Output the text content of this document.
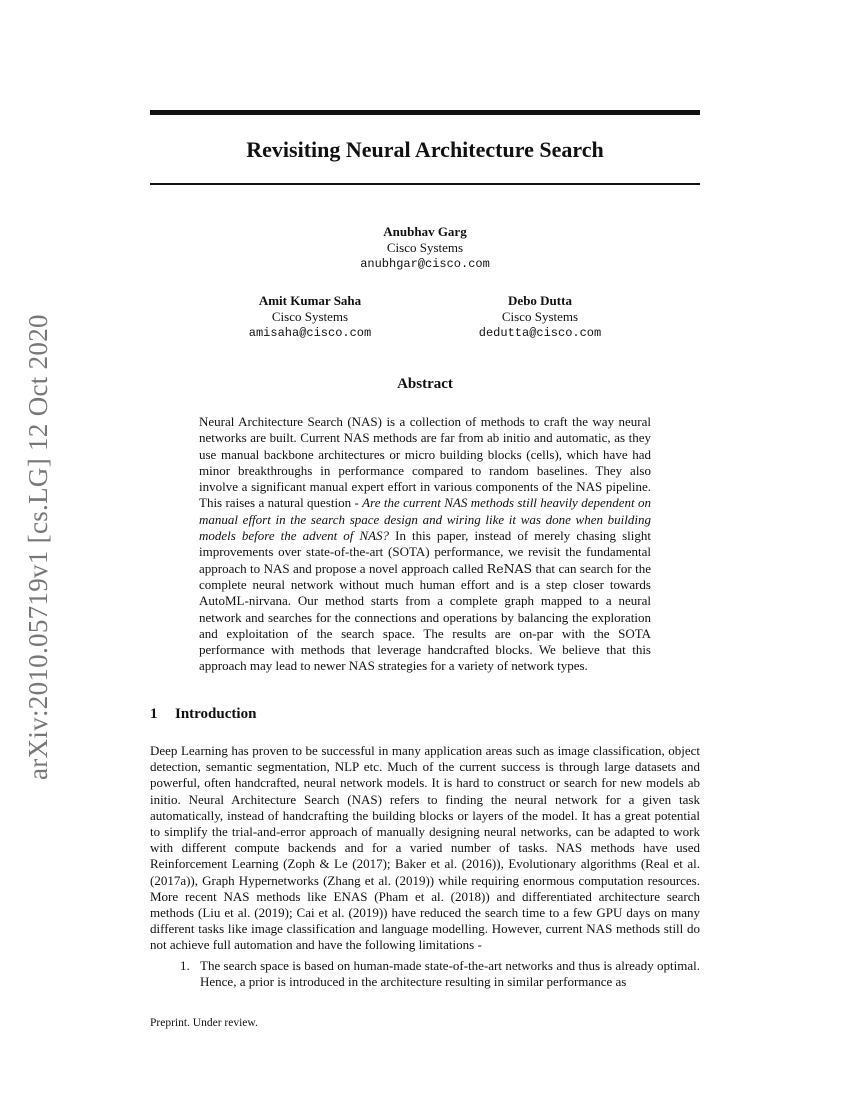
arXiv:2010.05719v1 [cs.LG] 12 Oct 2020
Revisiting Neural Architecture Search
Anubhav Garg
Cisco Systems
anubhgar@cisco.com
Amit Kumar Saha
Cisco Systems
amisaha@cisco.com
Debo Dutta
Cisco Systems
dedutta@cisco.com
Abstract
Neural Architecture Search (NAS) is a collection of methods to craft the way neural networks are built. Current NAS methods are far from ab initio and automatic, as they use manual backbone architectures or micro building blocks (cells), which have had minor breakthroughs in performance compared to random baselines. They also involve a significant manual expert effort in various components of the NAS pipeline. This raises a natural question - Are the current NAS methods still heavily dependent on manual effort in the search space design and wiring like it was done when building models before the advent of NAS? In this paper, instead of merely chasing slight improvements over state-of-the-art (SOTA) performance, we revisit the fundamental approach to NAS and propose a novel approach called ReNAS that can search for the complete neural network without much human effort and is a step closer towards AutoML-nirvana. Our method starts from a complete graph mapped to a neural network and searches for the connections and operations by balancing the exploration and exploitation of the search space. The results are on-par with the SOTA performance with methods that leverage handcrafted blocks. We believe that this approach may lead to newer NAS strategies for a variety of network types.
1 Introduction
Deep Learning has proven to be successful in many application areas such as image classification, object detection, semantic segmentation, NLP etc. Much of the current success is through large datasets and powerful, often handcrafted, neural network models. It is hard to construct or search for new models ab initio. Neural Architecture Search (NAS) refers to finding the neural network for a given task automatically, instead of handcrafting the building blocks or layers of the model. It has a great potential to simplify the trial-and-error approach of manually designing neural networks, can be adapted to work with different compute backends and for a varied number of tasks. NAS methods have used Reinforcement Learning (Zoph & Le (2017); Baker et al. (2016)), Evolutionary algorithms (Real et al. (2017a)), Graph Hypernetworks (Zhang et al. (2019)) while requiring enormous computation resources. More recent NAS methods like ENAS (Pham et al. (2018)) and differentiated architecture search methods (Liu et al. (2019); Cai et al. (2019)) have reduced the search time to a few GPU days on many different tasks like image classification and language modelling. However, current NAS methods still do not achieve full automation and have the following limitations -
1. The search space is based on human-made state-of-the-art networks and thus is already optimal. Hence, a prior is introduced in the architecture resulting in similar performance as
Preprint. Under review.
